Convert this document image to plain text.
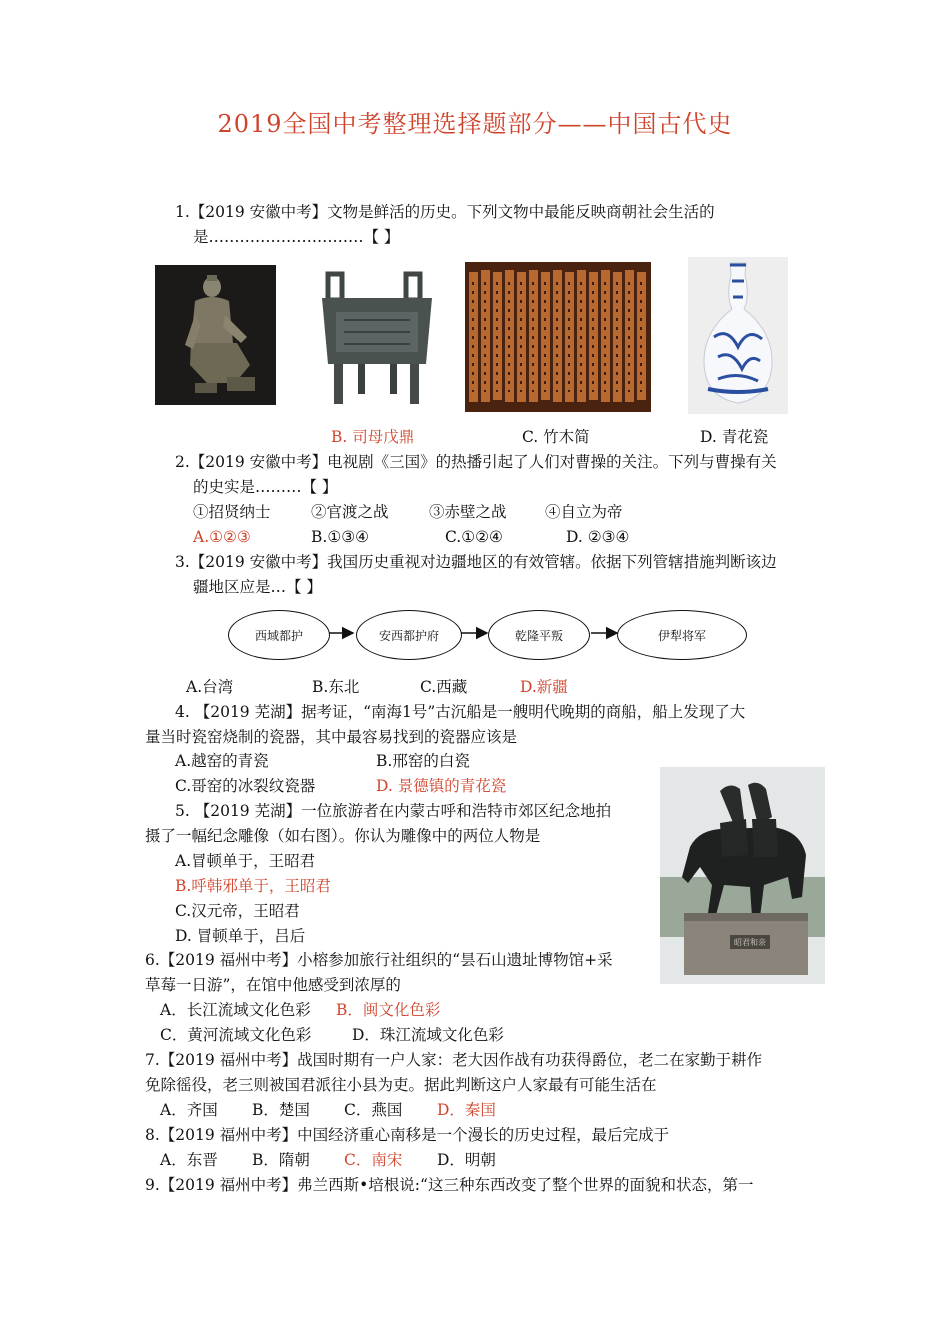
2019全国中考整理选择题部分——中国古代史
1.【2019 安徽中考】文物是鲜活的历史。下列文物中最能反映商朝社会生活的
是…………………………【 】
B. 司母戊鼎	C. 竹木简	D. 青花瓷
2.【2019 安徽中考】电视剧《三国》的热播引起了人们对曹操的关注。下列与曹操有关
的史实是………【 】
①招贤纳士	②官渡之战	③赤壁之战 ④自立为帝
A.①②③	B.①③④	C.①②④	D. ②③④
3.【2019 安徽中考】我国历史重视对边疆地区的有效管辖。依据下列管辖措施判断该边
疆地区应是…【 】
西域都护	安西都护府	乾隆平叛	伊犁将军
A.台湾	B.东北	C.西藏	D.新疆
4. 【2019 芜湖】据考证，“南海1号”古沉船是一艘明代晚期的商船，船上发现了大
量当时瓷窑烧制的瓷器，其中最容易找到的瓷器应该是
A.越窑的青瓷	B.邢窑的白瓷
C.哥窑的冰裂纹瓷器	D. 景德镇的青花瓷
昭君和亲
5. 【2019 芜湖】一位旅游者在内蒙古呼和浩特市郊区纪念地拍
摄了一幅纪念雕像（如右图）。你认为雕像中的两位人物是
A.冒顿单于，王昭君
B.呼韩邪单于，王昭君
C.汉元帝，王昭君
D. 冒顿单于，吕后
6.【2019 福州中考】小榕参加旅行社组织的“昙石山遗址博物馆+采
草莓一日游”，在馆中他感受到浓厚的
A．长江流域文化色彩 B．闽文化色彩
C．黄河流域文化色彩	D．珠江流域文化色彩
7.【2019 福州中考】战国时期有一户人家：老大因作战有功获得爵位，老二在家勤于耕作
免除徭役，老三则被国君派往小县为吏。据此判断这户人家最有可能生活在
A．齐国 B．楚国 C．燕国 D．秦国
8.【2019 福州中考】中国经济重心南移是一个漫长的历史过程，最后完成于
A．东晋 B．隋朝 C．南宋 D．明朝
9.【2019 福州中考】弗兰西斯•培根说:“这三种东西改变了整个世界的面貌和状态，第一
